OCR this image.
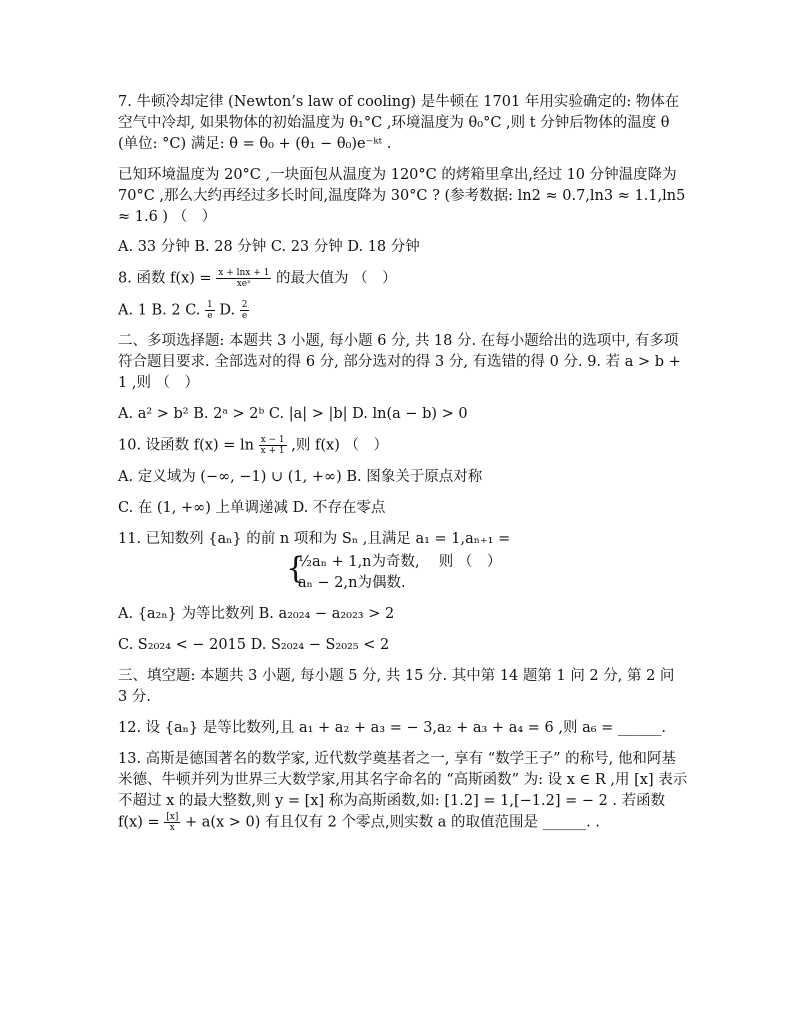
7. 牛顿冷却定律 (Newton’s law of cooling) 是牛顿在 1701 年用实验确定的: 物体在空气中冷却, 如果物体的初始温度为 θ₁°C ,环境温度为 θ₀°C ,则 t 分钟后物体的温度 θ (单位: °C) 满足: θ = θ₀ + (θ₁ − θ₀)e⁻ᵏᵗ .

已知环境温度为 20°C ,一块面包从温度为 120°C 的烤箱里拿出,经过 10 分钟温度降为 70°C ,那么大约再经过多长时间,温度降为 30°C ? (参考数据: ln2 ≈ 0.7,ln3 ≈ 1.1,ln5 ≈ 1.6 ) （　）

A. 33 分钟 B. 28 分钟 C. 23 分钟 D. 18 分钟

8. 函数 $f(x) = \frac{x + \ln x + 1}{\text{xeˣ}}$ 的最大值为 （　）

A. 1 B. 2 C. $\frac{1}{e} D$. $\frac{2}{e}$

二、多项选择题: 本题共 3 小题, 每小题 6 分, 共 18 分. 在每小题给出的选项中, 有多项符合题目要求. 全部选对的得 6 分, 部分选对的得 3 分, 有选错的得 0 分. 9. 若 a > b + 1 ,则 （　）

A. a² > b² B. 2ᵃ > 2ᵇ C. |a| > |b| D. ln(a − b) > 0

10. 设函数 $f(x) = \ln \frac{x - 1}{x + 1}$ ,则 f(x) （　）

A. 定义域为 (−∞, −1) ∪ (1, +∞) B. 图象关于原点对称

C. 在 (1, +∞) 上单调递减 D. 不存在零点

11. 已知数列 {aₙ} 的前 n 项和为 Sₙ ,且满足 a₁ = 1,aₙ₊₁ =

{
½aₙ + 1,n为奇数,　 则 （　）
aₙ − 2,n为偶数.

A. {a₂ₙ} 为等比数列 B. a₂₀₂₄ − a₂₀₂₃ > 2

C. S₂₀₂₄ < − 2015 D. S₂₀₂₄ − S₂₀₂₅ < 2

三、填空题: 本题共 3 小题, 每小题 5 分, 共 15 分. 其中第 14 题第 1 问 2 分, 第 2 问 3 分.

12. 设 {aₙ} 是等比数列,且 a₁ + a₂ + a₃ = − 3,a₂ + a₃ + a₄ = 6 ,则 a₆ = ______.

13. 高斯是德国著名的数学家, 近代数学奠基者之一, 享有 “数学王子” 的称号, 他和阿基米德、牛顿并列为世界三大数学家,用其名字命名的 “高斯函数” 为: 设 x ∈ R ,用 [x] 表示不超过 x 的最大整数,则 y = [x] 称为高斯函数,如: [1.2] = 1,[−1.2] = − 2 . 若函数 $f(x) = \frac{[x]}{x} + a(x > 0)$ 有且仅有 2 个零点,则实数 a 的取值范围是 ______. .
